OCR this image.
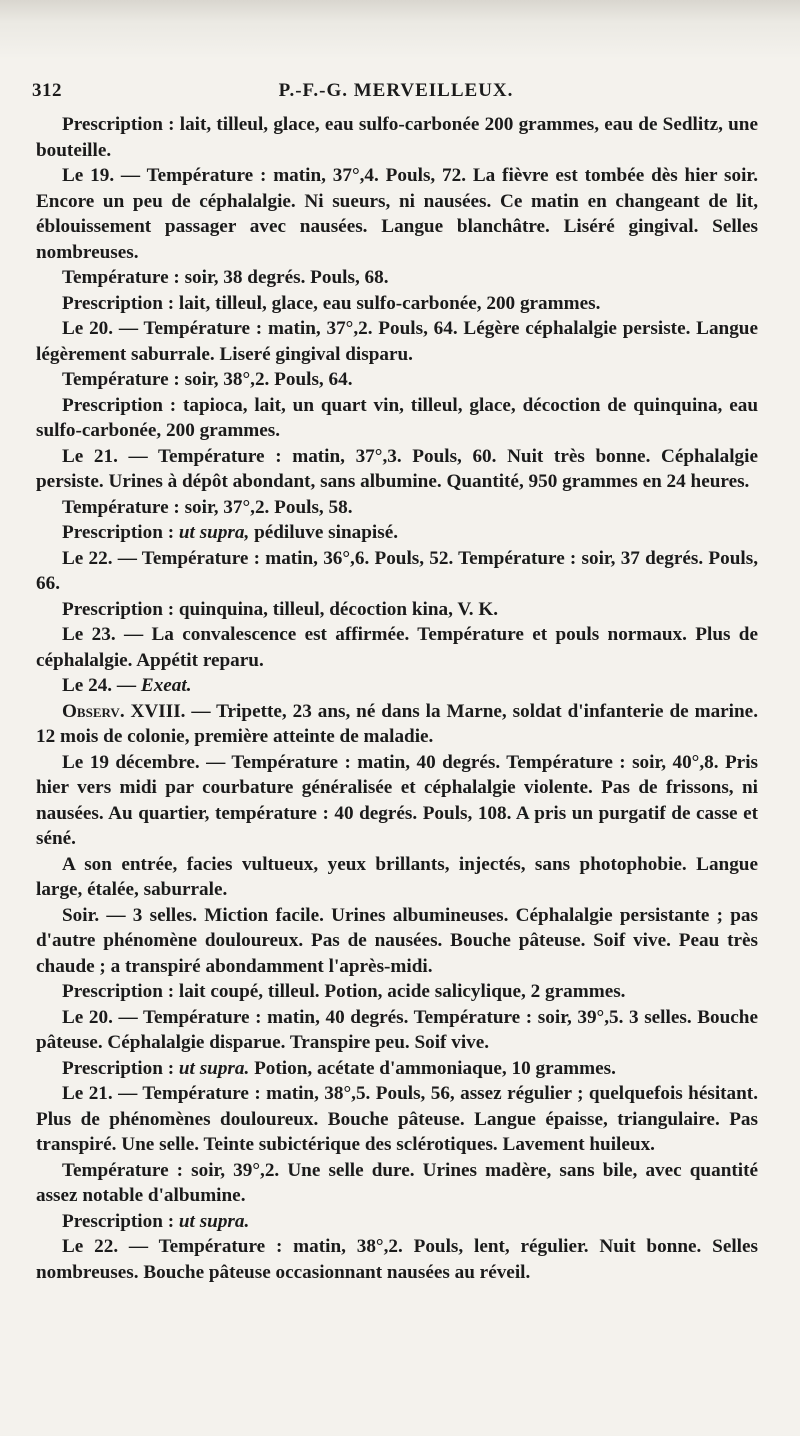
312	P.-F.-G. MERVEILLEUX.

Prescription : lait, tilleul, glace, eau sulfo-carbonée 200 grammes, eau de Sedlitz, une bouteille.

Le 19. — Température : matin, 37°,4. Pouls, 72. La fièvre est tombée dès hier soir. Encore un peu de céphalalgie. Ni sueurs, ni nausées. Ce matin en changeant de lit, éblouissement passager avec nausées. Langue blanchâtre. Liséré gingival. Selles nombreuses.

Température : soir, 38 degrés. Pouls, 68.

Prescription : lait, tilleul, glace, eau sulfo-carbonée, 200 grammes.

Le 20. — Température : matin, 37°,2. Pouls, 64. Légère céphalalgie persiste. Langue légèrement saburrale. Liseré gingival disparu.

Température : soir, 38°,2. Pouls, 64.

Prescription : tapioca, lait, un quart vin, tilleul, glace, décoction de quinquina, eau sulfo-carbonée, 200 grammes.

Le 21. — Température : matin, 37°,3. Pouls, 60. Nuit très bonne. Céphalalgie persiste. Urines à dépôt abondant, sans albumine. Quantité, 950 grammes en 24 heures.

Température : soir, 37°,2. Pouls, 58.

Prescription : ut supra, pédiluve sinapisé.

Le 22. — Température : matin, 36°,6. Pouls, 52. Température : soir, 37 degrés. Pouls, 66.

Prescription : quinquina, tilleul, décoction kina, V. K.

Le 23. — La convalescence est affirmée. Température et pouls normaux. Plus de céphalalgie. Appétit reparu.

Le 24. — Exeat.

Observ. XVIII. — Tripette, 23 ans, né dans la Marne, soldat d'infanterie de marine. 12 mois de colonie, première atteinte de maladie.

Le 19 décembre. — Température : matin, 40 degrés. Température : soir, 40°,8. Pris hier vers midi par courbature généralisée et céphalalgie violente. Pas de frissons, ni nausées. Au quartier, température : 40 degrés. Pouls, 108. A pris un purgatif de casse et séné.

A son entrée, facies vultueux, yeux brillants, injectés, sans photophobie. Langue large, étalée, saburrale.

Soir. — 3 selles. Miction facile. Urines albumineuses. Céphalalgie persistante ; pas d'autre phénomène douloureux. Pas de nausées. Bouche pâteuse. Soif vive. Peau très chaude ; a transpiré abondamment l'après-midi.

Prescription : lait coupé, tilleul. Potion, acide salicylique, 2 grammes.

Le 20. — Température : matin, 40 degrés. Température : soir, 39°,5. 3 selles. Bouche pâteuse. Céphalalgie disparue. Transpire peu. Soif vive.

Prescription : ut supra. Potion, acétate d'ammoniaque, 10 grammes.

Le 21. — Température : matin, 38°,5. Pouls, 56, assez régulier ; quelquefois hésitant. Plus de phénomènes douloureux. Bouche pâteuse. Langue épaisse, triangulaire. Pas transpiré. Une selle. Teinte subictérique des sclérotiques. Lavement huileux.

Température : soir, 39°,2. Une selle dure. Urines madère, sans bile, avec quantité assez notable d'albumine.

Prescription : ut supra.

Le 22. — Température : matin, 38°,2. Pouls, lent, régulier. Nuit bonne. Selles nombreuses. Bouche pâteuse occasionnant nausées au réveil.
